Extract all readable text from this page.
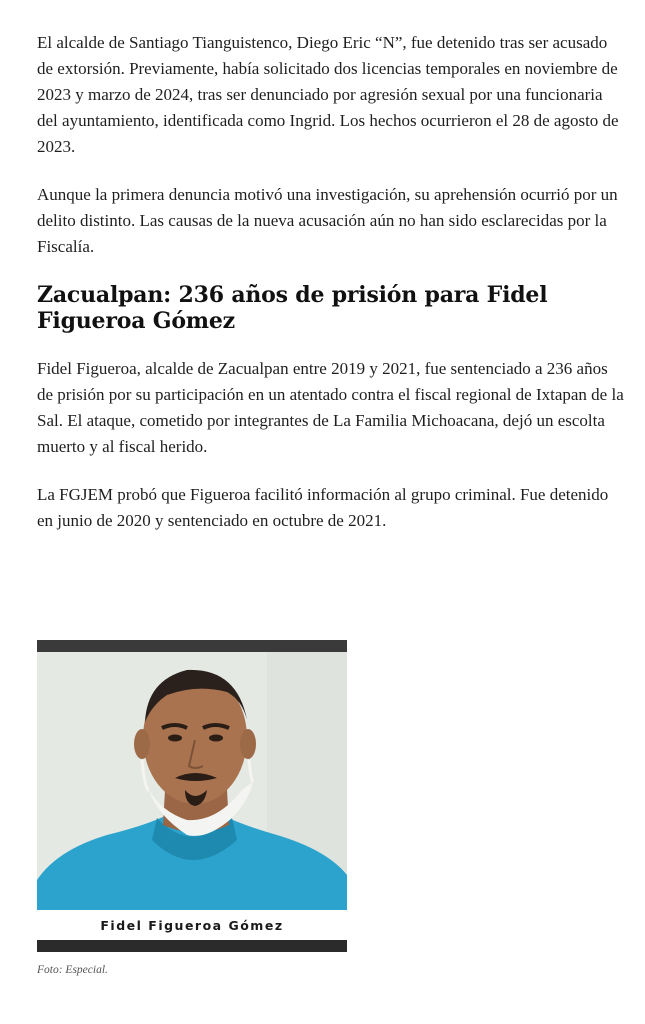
El alcalde de Santiago Tianguistenco, Diego Eric “N”, fue detenido tras ser acusado de extorsión. Previamente, había solicitado dos licencias temporales en noviembre de 2023 y marzo de 2024, tras ser denunciado por agresión sexual por una funcionaria del ayuntamiento, identificada como Ingrid. Los hechos ocurrieron el 28 de agosto de 2023.

Aunque la primera denuncia motivó una investigación, su aprehensión ocurrió por un delito distinto. Las causas de la nueva acusación aún no han sido esclarecidas por la Fiscalía.

Zacualpan: 236 años de prisión para Fidel Figueroa Gómez

Fidel Figueroa, alcalde de Zacualpan entre 2019 y 2021, fue sentenciado a 236 años de prisión por su participación en un atentado contra el fiscal regional de Ixtapan de la Sal. El ataque, cometido por integrantes de La Familia Michoacana, dejó un escolta muerto y al fiscal herido.

La FGJEM probó que Figueroa facilitó información al grupo criminal. Fue detenido en junio de 2020 y sentenciado en octubre de 2021.

Fidel Figueroa Gómez
Foto: Especial.
